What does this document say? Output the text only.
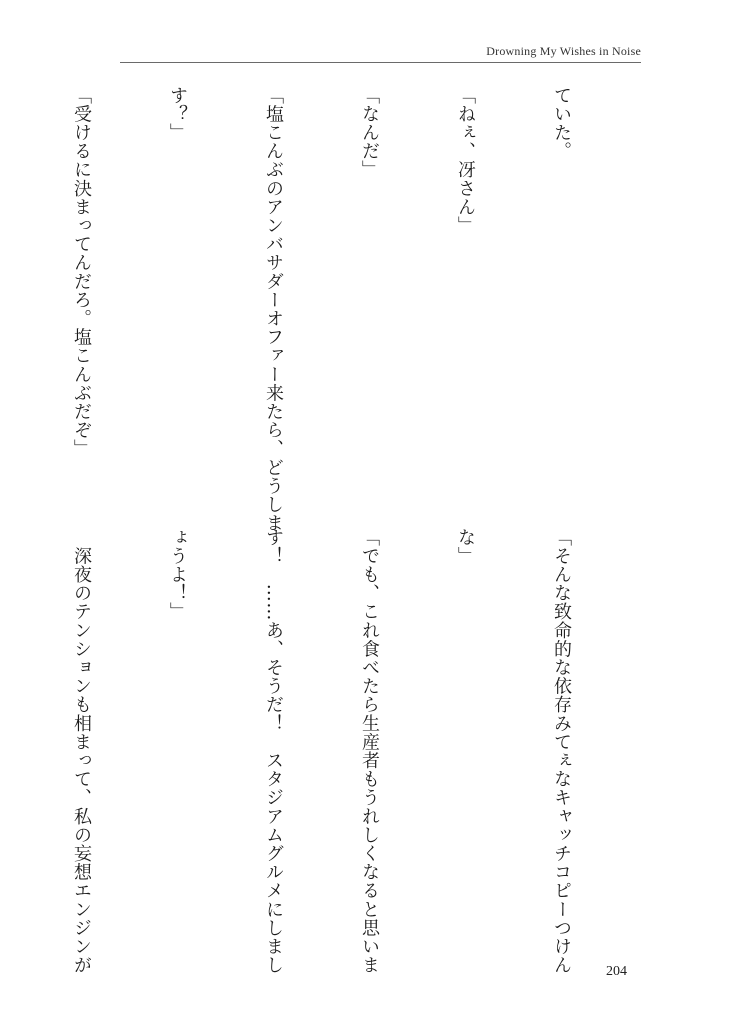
Drowning My Wishes in Noise

ていた。

「ねぇ、冴さん」

「なんだ」

「塩こんぶのアンバサダーオファー来たら、どうしま

す？」

「受けるに決まってんだろ。塩こんぶだぞ」

「そんな致命的な依存みてぇなキャッチコピーつけん

な」

「でも、これ食べたら生産者もうれしくなると思いま

す！　……あ、そうだ！　スタジアムグルメにしまし

ょうよ！」

　深夜のテンションも相まって、私の妄想エンジンが

	204
